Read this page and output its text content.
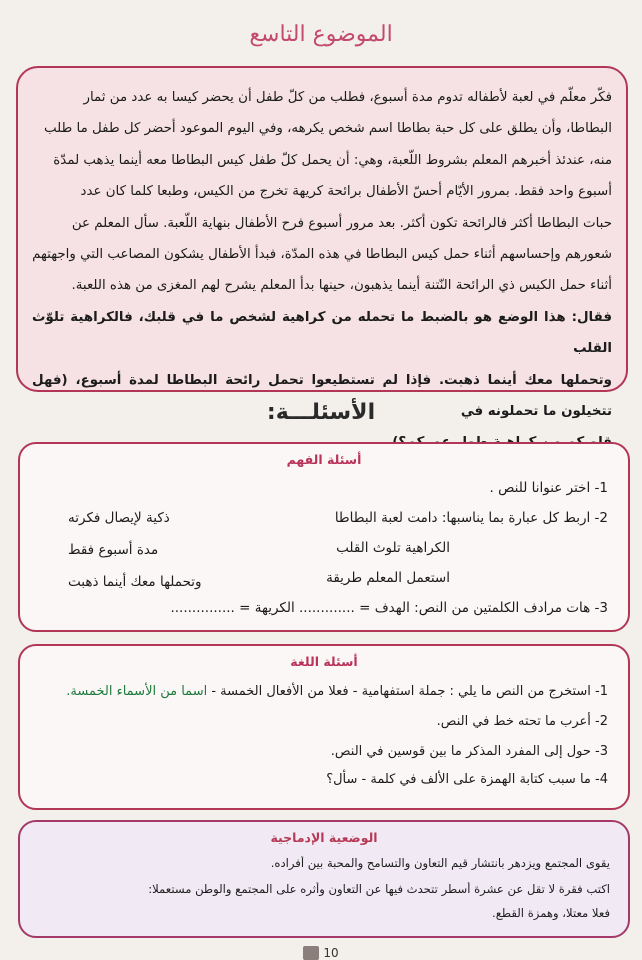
الموضوع التاسع

فكّر معلّم في لعبة لأطفاله تدوم مدة أسبوع، فطلب من كلّ طفل أن يحضر كيسا به عدد من ثمار

البطاطا، وأن يطلق على كل حبة بطاطا اسم شخص يكرهه، وفي اليوم الموعود أحضر كل طفل ما طلب

منه، عندئذ أخبرهم المعلم بشروط اللّعبة، وهي: أن يحمل كلّ طفل كيس البطاطا معه أينما يذهب لمدّة

أسبوع واحد فقط. بمرور الأيّام أحسّ الأطفال برائحة كريهة تخرج من الكيس، وطبعا كلما كان عدد

حبات البطاطا أكثر فالرائحة تكون أكثر. بعد مرور أسبوع فرح الأطفال بنهاية اللّعبة. سأل المعلم عن

شعورهم وإحساسهم أثناء حمل كيس البطاطا في هذه المدّة، فبدأ الأطفال يشكون المصاعب التي واجهتهم

أثناء حمل الكيس ذي الرائحة النّتنة أينما يذهبون، حينها بدأ المعلم يشرح لهم المغزى من هذه اللعبة.

فقال: هذا الوضع هو بالضبط ما تحمله من كراهية لشخص ما في قلبك، فالكراهية تلوّث القلب

وتحملها معك أينما ذهبت. فإذا لم تستطيعوا تحمل رائحة البطاطا لمدة أسبوع، (فهل تتخيلون ما تحملونه في

الأسئلـــة:
أسئلة الفهم
1- اختر عنوانا للنص .
2- اربط كل عبارة بما يناسبها: دامت لعبة البطاطا
ذكية لإيصال فكرته
الكراهية تلوث القلب
مدة أسبوع فقط
استعمل المعلم طريقة
وتحملها معك أينما ذهبت
3- هات مرادف الكلمتين من النص: الهدف = ............. الكريهة = ...............
أسئلة اللغة
1- استخرج من النص ما يلي : جملة استفهامية - فعلا من الأفعال الخمسة - اسما من الأسماء الخمسة.
2- أعرب ما تحته خط في النص.
3- حول إلى المفرد المذكر ما بين قوسين في النص.
4- ما سبب كتابة الهمزة على الألف في كلمة - سأل؟
الوضعية الإدماجية
يقوى المجتمع ويزدهر بانتشار قيم التعاون والتسامح والمحبة بين أفراده.
اكتب فقرة لا تقل عن عشرة أسطر تتحدث فيها عن التعاون وأثره على المجتمع والوطن مستعملا:
فعلا معتلا، وهمزة القطع.
10
